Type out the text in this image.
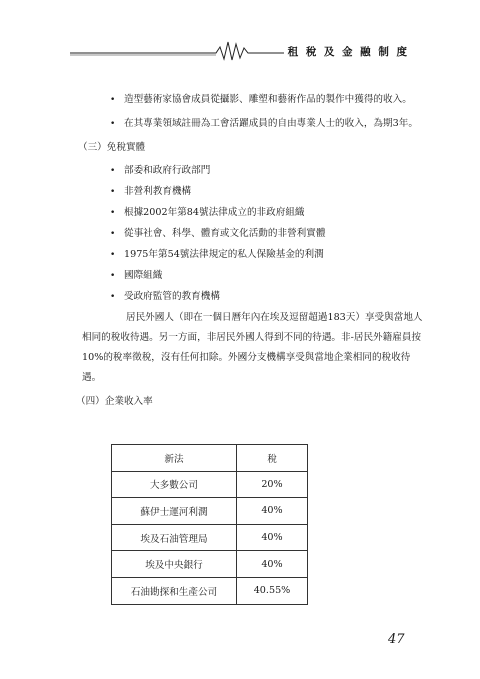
租 稅 及 金 融 制 度
• 造型藝術家協會成員從攝影、雕塑和藝術作品的製作中獲得的收入。
• 在其專業領域註冊為工會活躍成員的自由專業人士的收入，為期3年。
（三）免稅實體
• 部委和政府行政部門
• 非營利教育機構
• 根據2002年第84號法律成立的非政府組織
• 從事社會、科學、體育或文化活動的非營利實體
• 1975年第54號法律規定的私人保險基金的利潤
• 國際組織
• 受政府監管的教育機構
居民外國人（即在一個日曆年內在埃及逗留超過183天）享受與當地人相同的稅收待遇。另一方面，非居民外國人得到不同的待遇。非-居民外籍雇員按10%的稅率徵稅，沒有任何扣除。外國分支機構享受與當地企業相同的稅收待遇。
（四）企業收入率
新法	稅
大多數公司	20%
蘇伊士運河利潤	40%
埃及石油管理局	40%
埃及中央銀行	40%
石油勘探和生產公司	40.55%
47
